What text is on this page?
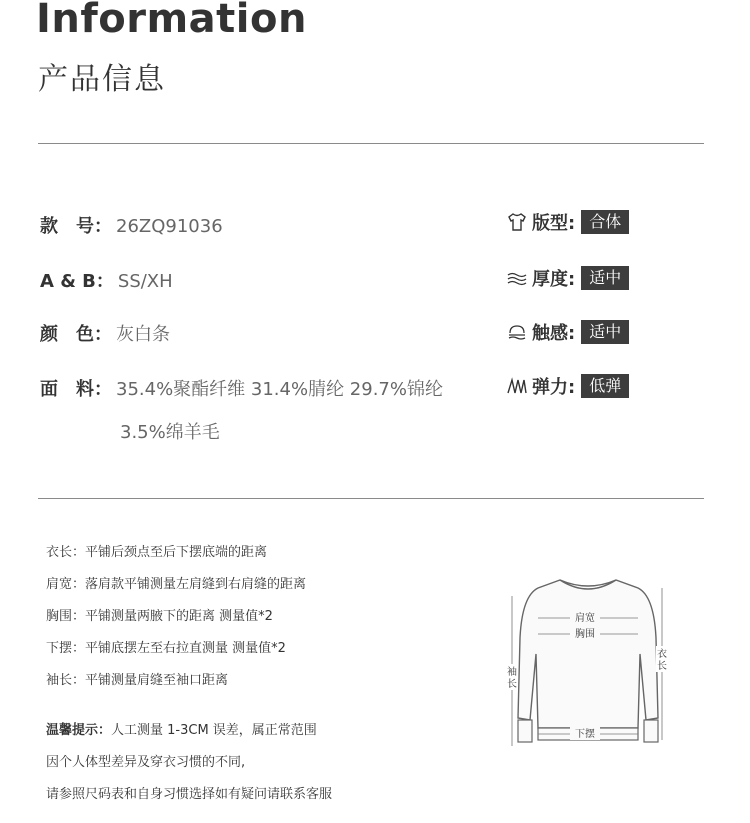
Information
产品信息
款　号： 26ZQ91036
A & B： SS/XH
颜　色： 灰白条
面　料： 35.4%聚酯纤维 31.4%腈纶 29.7%锦纶
3.5%绵羊毛
版型: 合体
厚度: 适中
触感: 适中
弹力: 低弹
衣长：平铺后颈点至后下摆底端的距离
肩宽：落肩款平铺测量左肩缝到右肩缝的距离
胸围：平铺测量两腋下的距离 测量值*2
下摆：平铺底摆左至右拉直测量 测量值*2
袖长：平铺测量肩缝至袖口距离
温馨提示：人工测量 1-3CM 误差，属正常范围
因个人体型差异及穿衣习惯的不同,
请参照尺码表和自身习惯选择如有疑问请联系客服
肩宽
胸围
下摆
袖
长
衣
长
